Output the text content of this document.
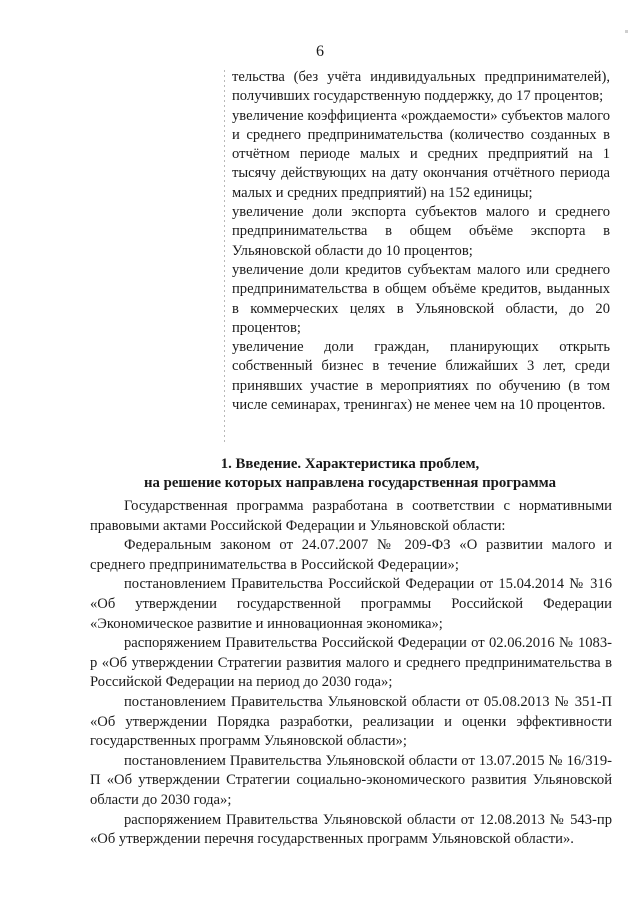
6

тельства (без учёта индивидуальных предпринимателей), получивших государственную поддержку, до 17 процентов;

увеличение коэффициента «рождаемости» субъектов малого и среднего предпринимательства (количество созданных в отчётном периоде малых и средних предприятий на 1 тысячу действующих на дату окончания отчётного периода малых и средних предприятий) на 152 единицы;

увеличение доли экспорта субъектов малого и среднего предпринимательства в общем объёме экспорта в Ульяновской области до 10 процентов;

увеличение доли кредитов субъектам малого или среднего предпринимательства в общем объёме кредитов, выданных в коммерческих целях в Ульяновской области, до 20 процентов;

увеличение доли граждан, планирующих открыть собственный бизнес в течение ближайших 3 лет, среди принявших участие в мероприятиях по обучению (в том числе семинарах, тренингах) не менее чем на 10 процентов.

1. Введение. Характеристика проблем,
на решение которых направлена государственная программа

Государственная программа разработана в соответствии с нормативными правовыми актами Российской Федерации и Ульяновской области:

Федеральным законом от 24.07.2007 № 209-ФЗ «О развитии малого и среднего предпринимательства в Российской Федерации»;

постановлением Правительства Российской Федерации от 15.04.2014 № 316 «Об утверждении государственной программы Российской Федерации «Экономическое развитие и инновационная экономика»;

распоряжением Правительства Российской Федерации от 02.06.2016 № 1083-р «Об утверждении Стратегии развития малого и среднего предпринимательства в Российской Федерации на период до 2030 года»;

постановлением Правительства Ульяновской области от 05.08.2013 № 351-П «Об утверждении Порядка разработки, реализации и оценки эффективности государственных программ Ульяновской области»;

постановлением Правительства Ульяновской области от 13.07.2015 № 16/319-П «Об утверждении Стратегии социально-экономического развития Ульяновской области до 2030 года»;

распоряжением Правительства Ульяновской области от 12.08.2013 № 543-пр «Об утверждении перечня государственных программ Ульяновской области».
